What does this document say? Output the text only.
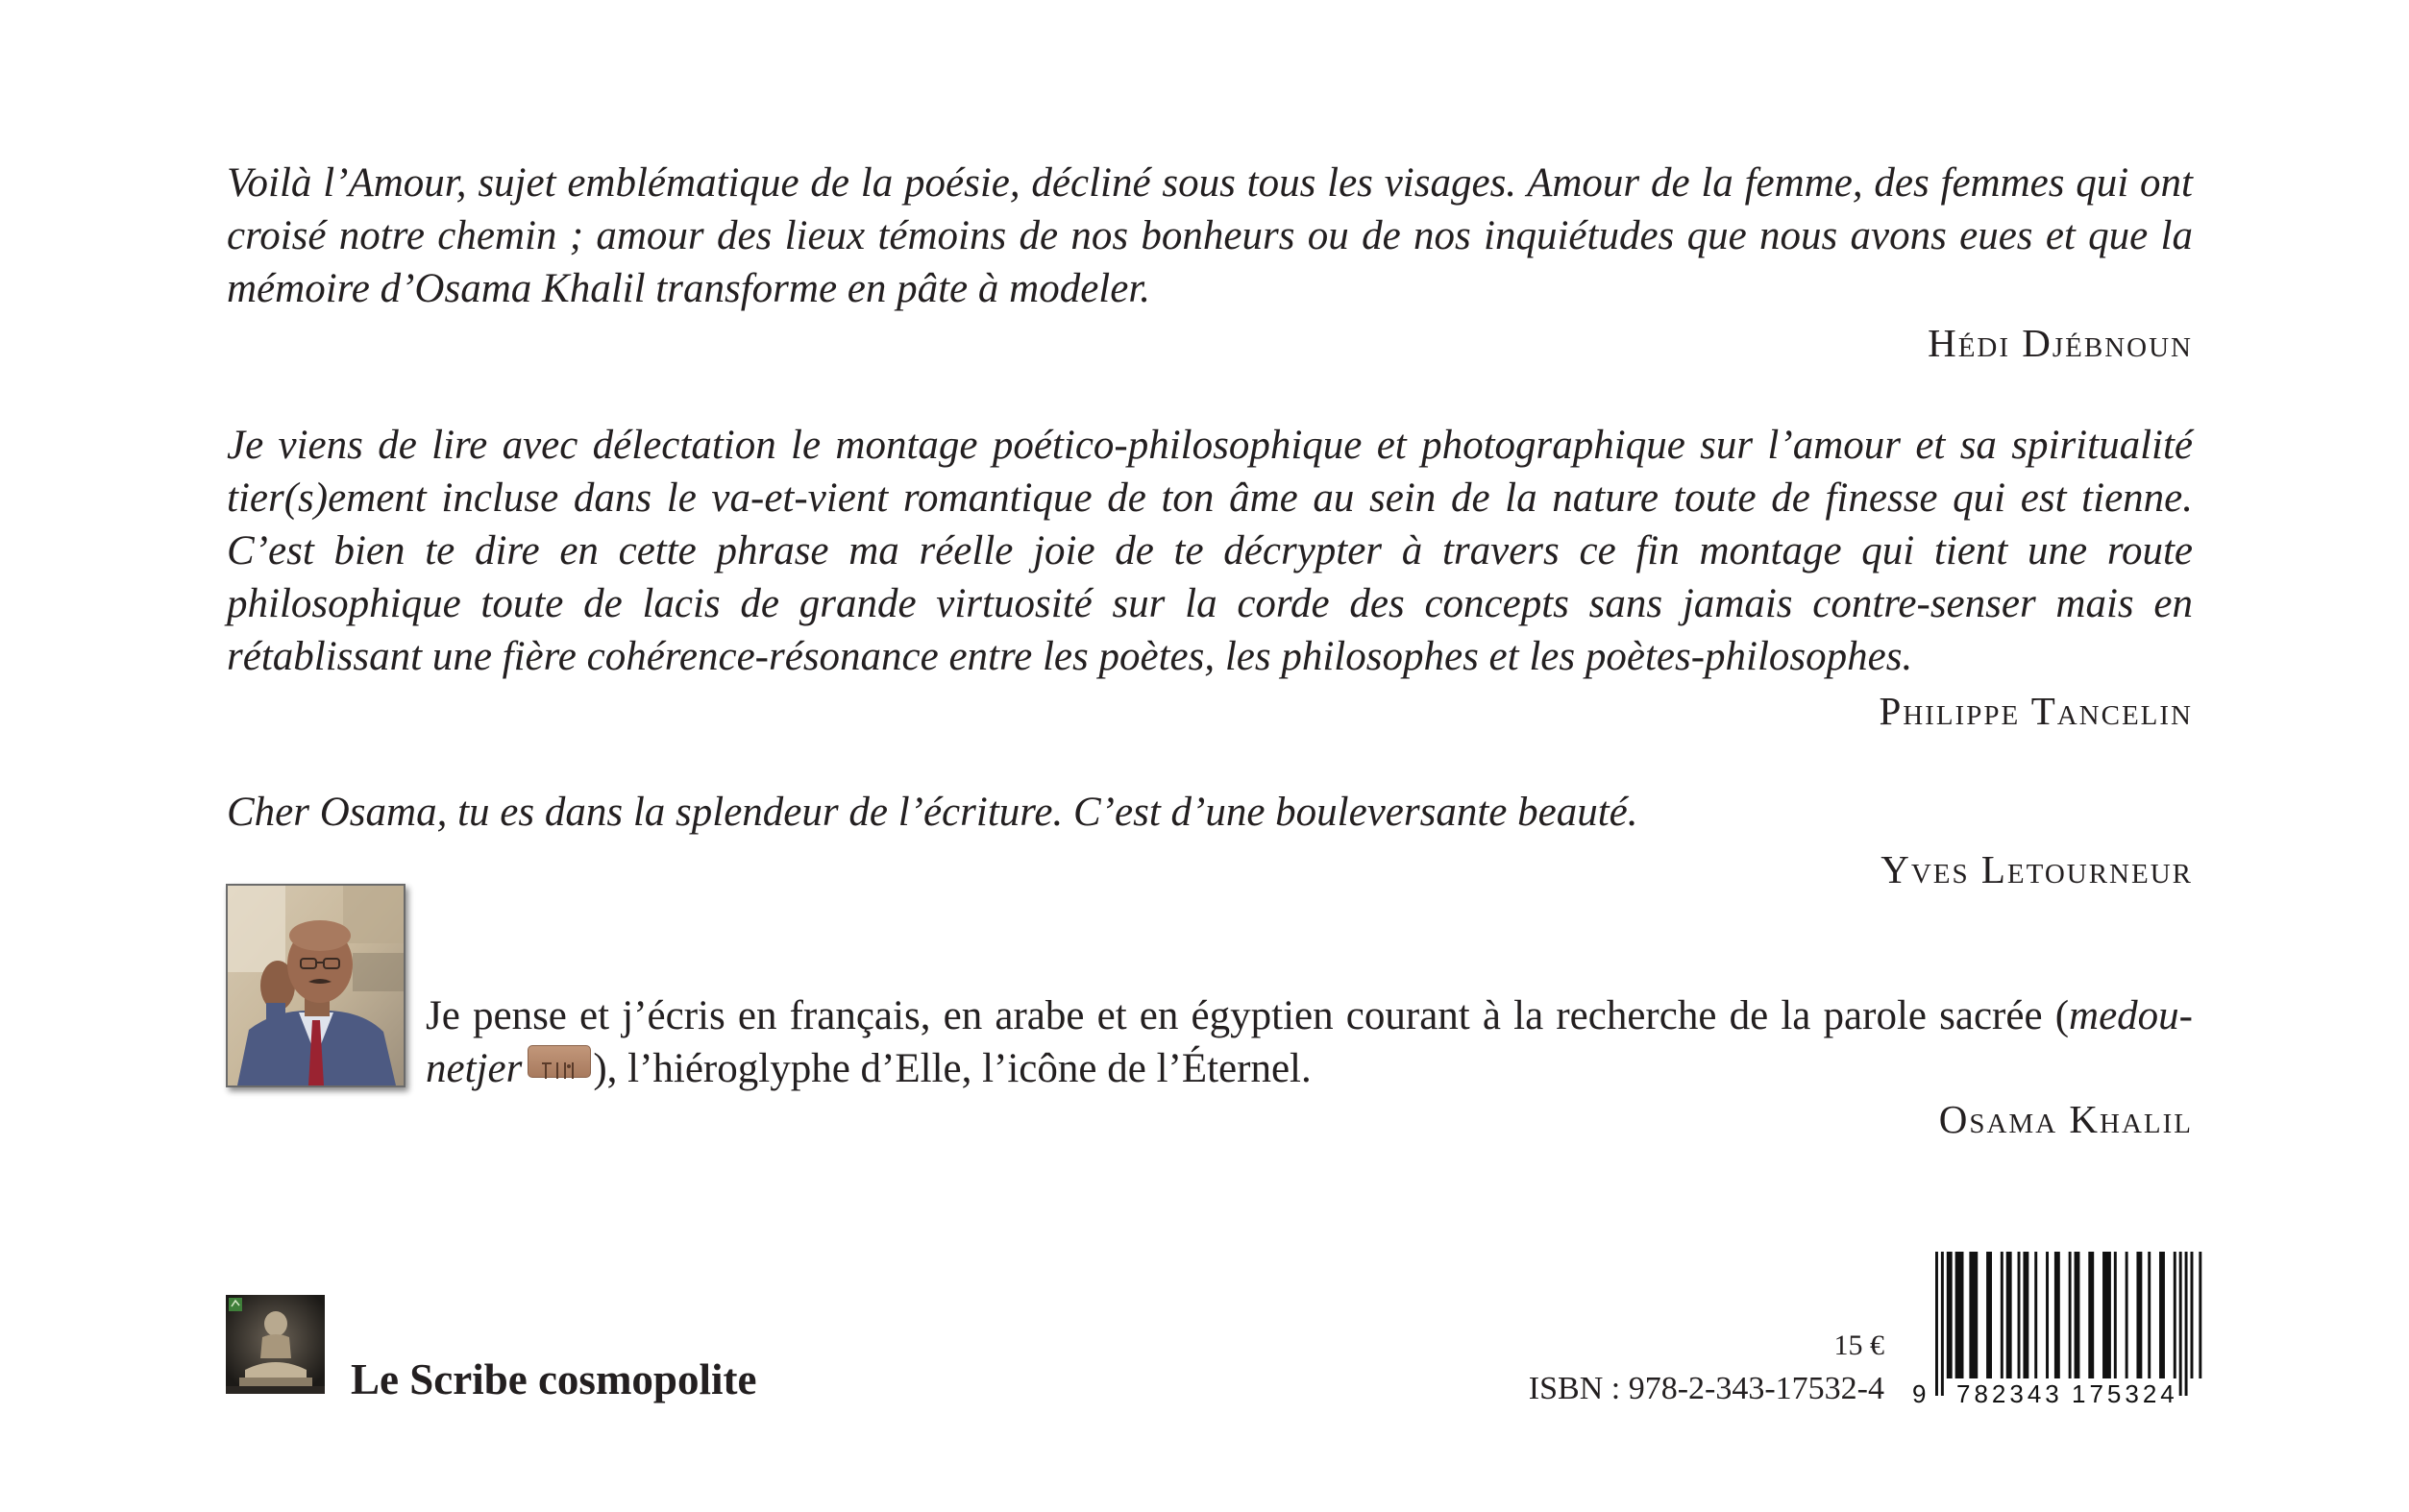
Voilà l’Amour, sujet emblématique de la poésie, décliné sous tous les visages. Amour de la femme, des femmes qui ont croisé notre chemin ; amour des lieux témoins de nos bonheurs ou de nos inquiétudes que nous avons eues et que la mémoire d’Osama Khalil transforme en pâte à modeler.

Hédi Djébnoun

Je viens de lire avec délectation le montage poético-philosophique et photographique sur l’amour et sa spiritualité tier(s)ement incluse dans le va-et-vient romantique de ton âme au sein de la nature toute de finesse qui est tienne. C’est bien te dire en cette phrase ma réelle joie de te décrypter à travers ce fin montage qui tient une route philosophique toute de lacis de grande virtuosité sur la corde des concepts sans jamais contre-senser mais en rétablissant une fière cohérence-résonance entre les poètes, les philosophes et les poètes-philosophes.

Philippe Tancelin

Cher Osama, tu es dans la splendeur de l’écriture. C’est d’une bouleversante beauté.

Yves Letourneur

Je pense et j’écris en français, en arabe et en égyptien courant à la recherche de la parole sacrée (medou-netjer ), l’hiéroglyphe d’Elle, l’icône de l’Éternel.

Osama Khalil

Le Scribe cosmopolite

15 €

ISBN : 978-2-343-17532-4 9 782343 175324
